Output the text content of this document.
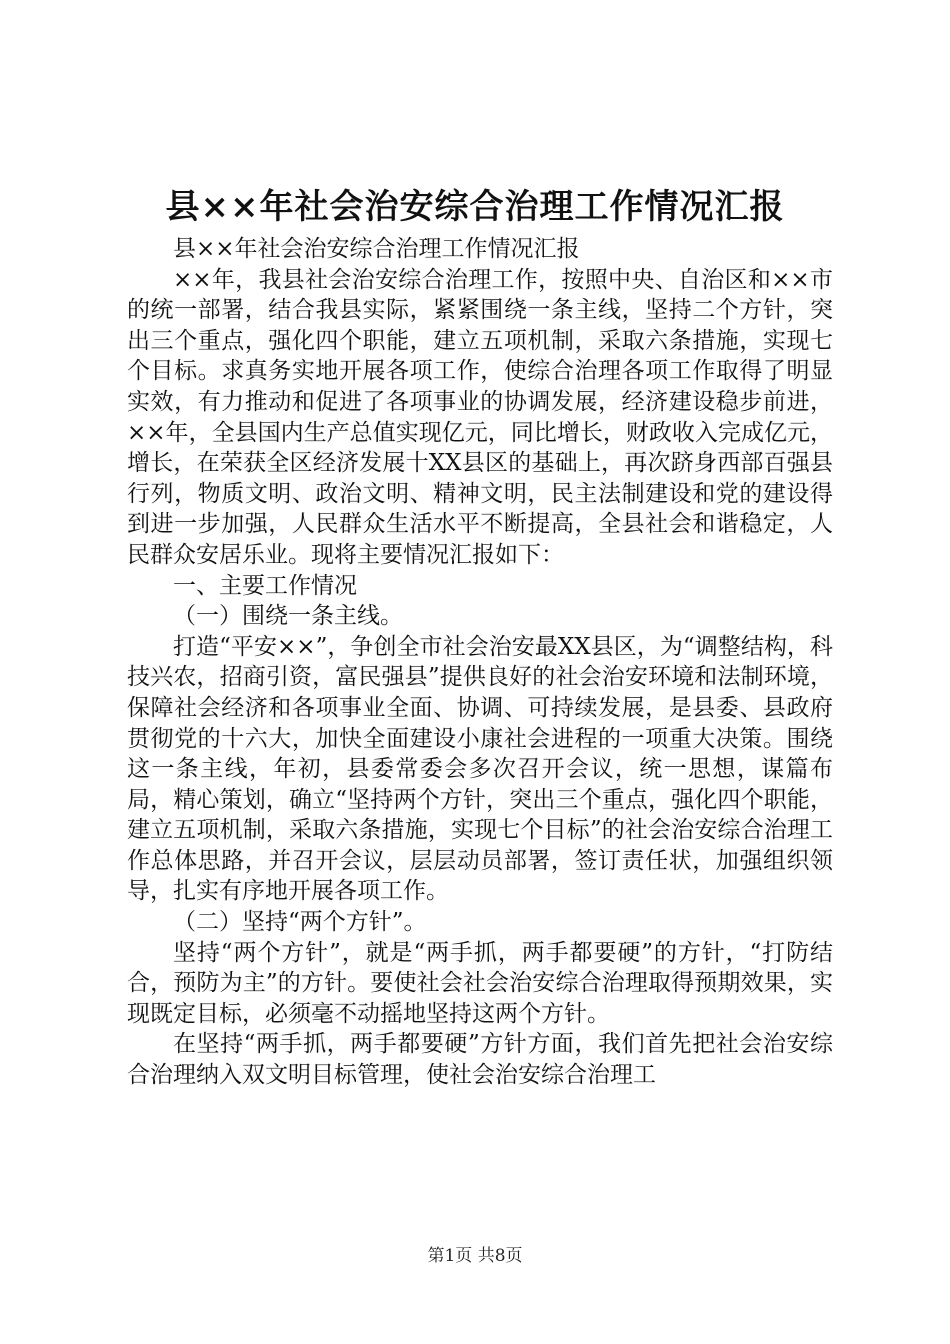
县××年社会治安综合治理工作情况汇报

县××年社会治安综合治理工作情况汇报

××年，我县社会治安综合治理工作，按照中央、自治区和××市的统一部署，结合我县实际，紧紧围绕一条主线，坚持二个方针，突出三个重点，强化四个职能，建立五项机制，采取六条措施，实现七个目标。求真务实地开展各项工作，使综合治理各项工作取得了明显实效，有力推动和促进了各项事业的协调发展，经济建设稳步前进，××年，全县国内生产总值实现亿元，同比增长，财政收入完成亿元，增长，在荣获全区经济发展十XX县区的基础上，再次跻身西部百强县行列，物质文明、政治文明、精神文明，民主法制建设和党的建设得到进一步加强，人民群众生活水平不断提高，全县社会和谐稳定，人民群众安居乐业。现将主要情况汇报如下：

一、主要工作情况

（一）围绕一条主线。

打造“平安××”，争创全市社会治安最XX县区，为“调整结构，科技兴农，招商引资，富民强县”提供良好的社会治安环境和法制环境，保障社会经济和各项事业全面、协调、可持续发展，是县委、县政府贯彻党的十六大，加快全面建设小康社会进程的一项重大决策。围绕这一条主线，年初，县委常委会多次召开会议，统一思想，谋篇布局，精心策划，确立“坚持两个方针，突出三个重点，强化四个职能，建立五项机制，采取六条措施，实现七个目标”的社会治安综合治理工作总体思路，并召开会议，层层动员部署，签订责任状，加强组织领导，扎实有序地开展各项工作。

（二）坚持“两个方针”。

坚持“两个方针”，就是“两手抓，两手都要硬”的方针，“打防结合，预防为主”的方针。要使社会社会治安综合治理取得预期效果，实现既定目标，必须毫不动摇地坚持这两个方针。

在坚持“两手抓，两手都要硬”方针方面，我们首先把社会治安综合治理纳入双文明目标管理，使社会治安综合治理工

第1页 共8页
